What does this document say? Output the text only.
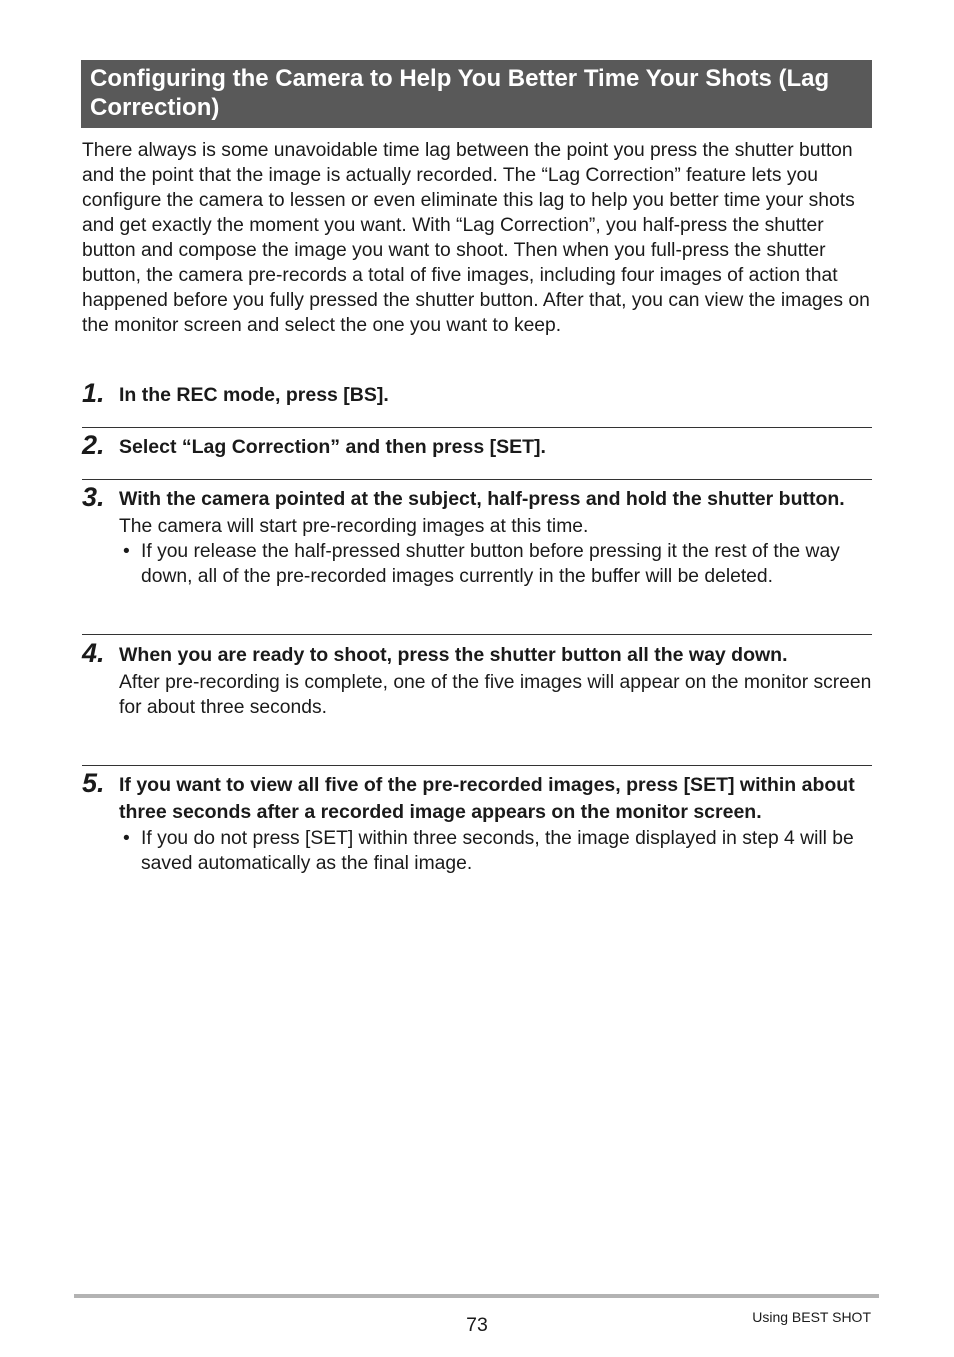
Configuring the Camera to Help You Better Time Your Shots (Lag Correction)

There always is some unavoidable time lag between the point you press the shutter button and the point that the image is actually recorded. The “Lag Correction” feature lets you configure the camera to lessen or even eliminate this lag to help you better time your shots and get exactly the moment you want. With “Lag Correction”, you half-press the shutter button and compose the image you want to shoot. Then when you full-press the shutter button, the camera pre-records a total of five images, including four images of action that happened before you fully pressed the shutter button. After that, you can view the images on the monitor screen and select the one you want to keep.

1. In the REC mode, press [BS].

2. Select “Lag Correction” and then press [SET].

3. With the camera pointed at the subject, half-press and hold the shutter button.

The camera will start pre-recording images at this time.

• If you release the half-pressed shutter button before pressing it the rest of the way down, all of the pre-recorded images currently in the buffer will be deleted.
4. When you are ready to shoot, press the shutter button all the way down.

After pre-recording is complete, one of the five images will appear on the monitor screen for about three seconds.

5. If you want to view all five of the pre-recorded images, press [SET] within about three seconds after a recorded image appears on the monitor screen.

• If you do not press [SET] within three seconds, the image displayed in step 4 will be saved automatically as the final image.
73	Using BEST SHOT
